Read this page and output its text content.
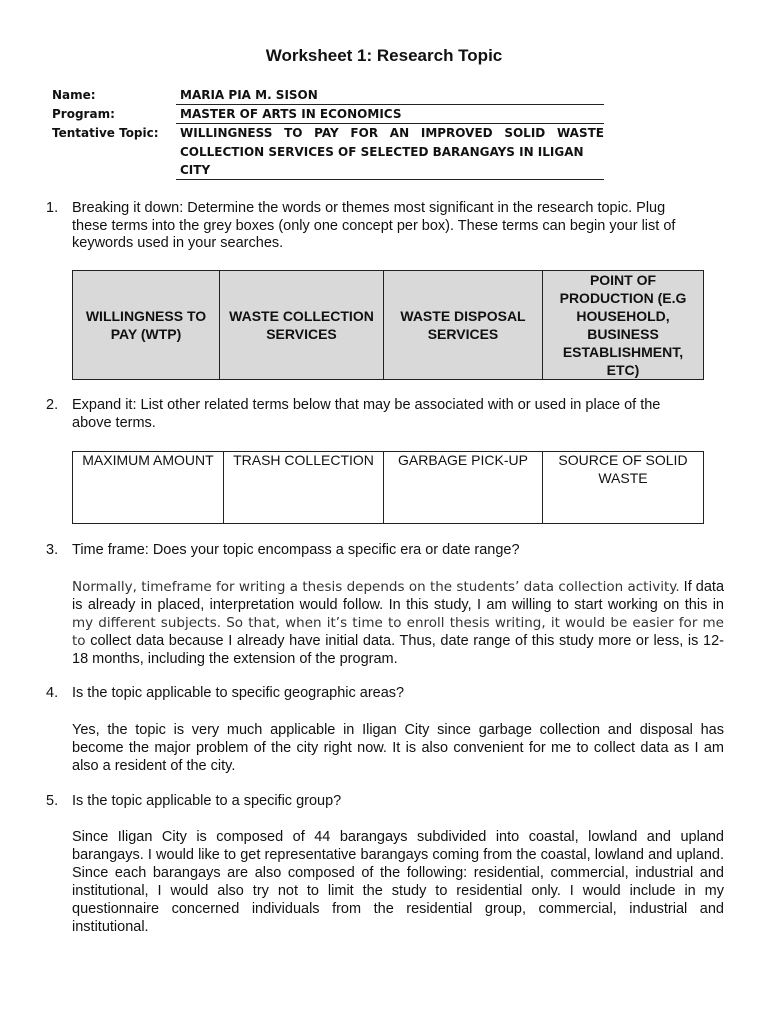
Worksheet 1: Research Topic
Name:	MARIA PIA M. SISON
Program:	MASTER OF ARTS IN ECONOMICS
Tentative Topic:	WILLINGNESS TO PAY FOR AN IMPROVED SOLID WASTE
COLLECTION SERVICES OF SELECTED BARANGAYS IN ILIGAN CITY
1. Breaking it down: Determine the words or themes most significant in the research topic. Plug these terms into the grey boxes (only one concept per box). These terms can begin your list of keywords used in your searches.
WILLINGNESS TO PAY (WTP)	WASTE COLLECTION SERVICES	WASTE DISPOSAL SERVICES	POINT OF PRODUCTION (E.G HOUSEHOLD, BUSINESS ESTABLISHMENT, ETC)
2. Expand it: List other related terms below that may be associated with or used in place of the above terms.
MAXIMUM AMOUNT	TRASH COLLECTION	GARBAGE PICK-UP	SOURCE OF SOLID WASTE
3. Time frame: Does your topic encompass a specific era or date range?
Normally, timeframe for writing a thesis depends on the students’ data collection activity. If data is already in placed, interpretation would follow. In this study, I am willing to start working on this in my different subjects. So that, when it’s time to enroll thesis writing, it would be easier for me to collect data because I already have initial data. Thus, date range of this study more or less, is 12-18 months, including the extension of the program.
4. Is the topic applicable to specific geographic areas?
Yes, the topic is very much applicable in Iligan City since garbage collection and disposal has become the major problem of the city right now. It is also convenient for me to collect data as I am also a resident of the city.
5. Is the topic applicable to a specific group?
Since Iligan City is composed of 44 barangays subdivided into coastal, lowland and upland barangays. I would like to get representative barangays coming from the coastal, lowland and upland. Since each barangays are also composed of the following: residential, commercial, industrial and institutional, I would also try not to limit the study to residential only. I would include in my questionnaire concerned individuals from the residential group, commercial, industrial and institutional.
